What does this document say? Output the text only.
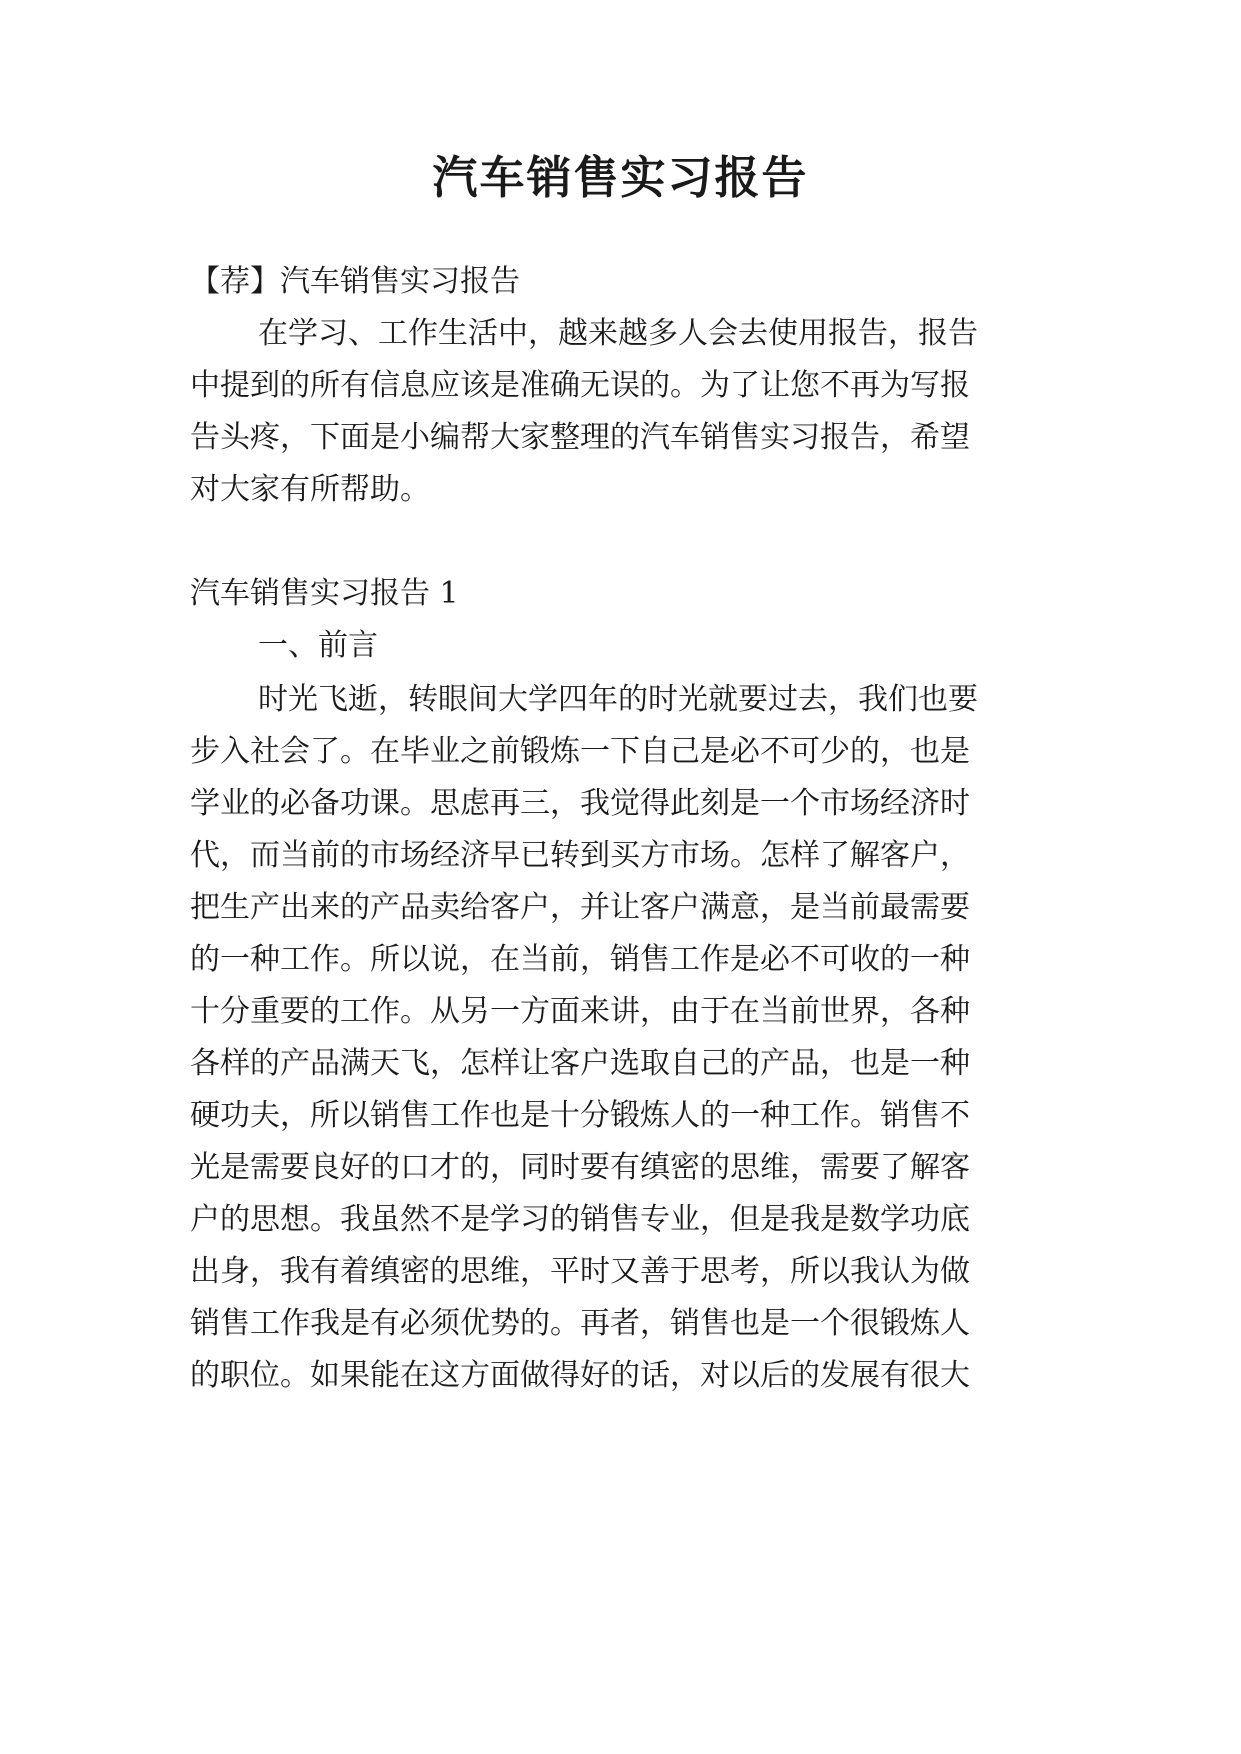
汽车销售实习报告

【荐】汽车销售实习报告

在学习、工作生活中，越来越多人会去使用报告，报告

中提到的所有信息应该是准确无误的。为了让您不再为写报

告头疼，下面是小编帮大家整理的汽车销售实习报告，希望

对大家有所帮助。

汽车销售实习报告 1

一、前言

时光飞逝，转眼间大学四年的时光就要过去，我们也要

步入社会了。在毕业之前锻炼一下自己是必不可少的，也是

学业的必备功课。思虑再三，我觉得此刻是一个市场经济时

代，而当前的市场经济早已转到买方市场。怎样了解客户，

把生产出来的产品卖给客户，并让客户满意，是当前最需要

的一种工作。所以说，在当前，销售工作是必不可收的一种

十分重要的工作。从另一方面来讲，由于在当前世界，各种

各样的产品满天飞，怎样让客户选取自己的产品，也是一种

硬功夫，所以销售工作也是十分锻炼人的一种工作。销售不

光是需要良好的口才的，同时要有缜密的思维，需要了解客

户的思想。我虽然不是学习的销售专业，但是我是数学功底

出身，我有着缜密的思维，平时又善于思考，所以我认为做

销售工作我是有必须优势的。再者，销售也是一个很锻炼人

的职位。如果能在这方面做得好的话，对以后的发展有很大
